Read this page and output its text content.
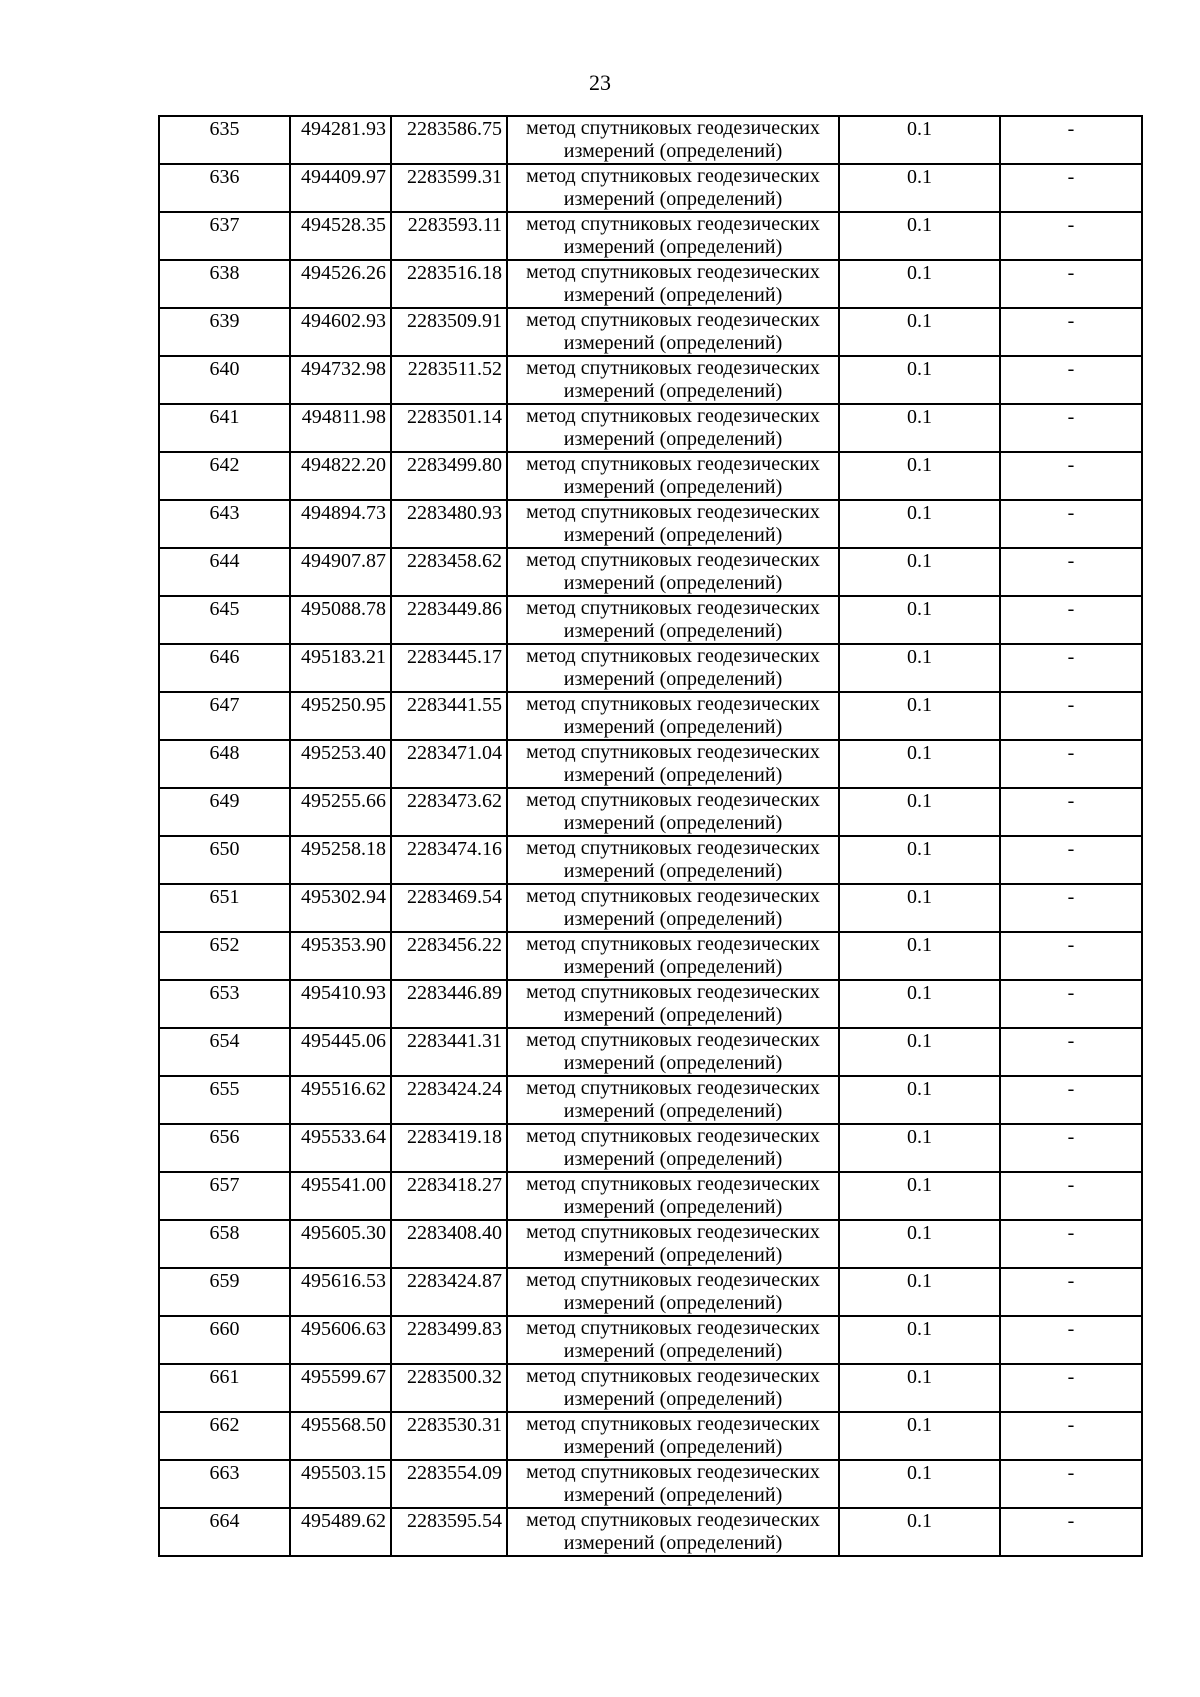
23
635	494281.93	2283586.75	метод спутниковых геодезических
измерений (определений)	0.1	-
636	494409.97	2283599.31	метод спутниковых геодезических
измерений (определений)	0.1	-
637	494528.35	2283593.11	метод спутниковых геодезических
измерений (определений)	0.1	-
638	494526.26	2283516.18	метод спутниковых геодезических
измерений (определений)	0.1	-
639	494602.93	2283509.91	метод спутниковых геодезических
измерений (определений)	0.1	-
640	494732.98	2283511.52	метод спутниковых геодезических
измерений (определений)	0.1	-
641	494811.98	2283501.14	метод спутниковых геодезических
измерений (определений)	0.1	-
642	494822.20	2283499.80	метод спутниковых геодезических
измерений (определений)	0.1	-
643	494894.73	2283480.93	метод спутниковых геодезических
измерений (определений)	0.1	-
644	494907.87	2283458.62	метод спутниковых геодезических
измерений (определений)	0.1	-
645	495088.78	2283449.86	метод спутниковых геодезических
измерений (определений)	0.1	-
646	495183.21	2283445.17	метод спутниковых геодезических
измерений (определений)	0.1	-
647	495250.95	2283441.55	метод спутниковых геодезических
измерений (определений)	0.1	-
648	495253.40	2283471.04	метод спутниковых геодезических
измерений (определений)	0.1	-
649	495255.66	2283473.62	метод спутниковых геодезических
измерений (определений)	0.1	-
650	495258.18	2283474.16	метод спутниковых геодезических
измерений (определений)	0.1	-
651	495302.94	2283469.54	метод спутниковых геодезических
измерений (определений)	0.1	-
652	495353.90	2283456.22	метод спутниковых геодезических
измерений (определений)	0.1	-
653	495410.93	2283446.89	метод спутниковых геодезических
измерений (определений)	0.1	-
654	495445.06	2283441.31	метод спутниковых геодезических
измерений (определений)	0.1	-
655	495516.62	2283424.24	метод спутниковых геодезических
измерений (определений)	0.1	-
656	495533.64	2283419.18	метод спутниковых геодезических
измерений (определений)	0.1	-
657	495541.00	2283418.27	метод спутниковых геодезических
измерений (определений)	0.1	-
658	495605.30	2283408.40	метод спутниковых геодезических
измерений (определений)	0.1	-
659	495616.53	2283424.87	метод спутниковых геодезических
измерений (определений)	0.1	-
660	495606.63	2283499.83	метод спутниковых геодезических
измерений (определений)	0.1	-
661	495599.67	2283500.32	метод спутниковых геодезических
измерений (определений)	0.1	-
662	495568.50	2283530.31	метод спутниковых геодезических
измерений (определений)	0.1	-
663	495503.15	2283554.09	метод спутниковых геодезических
измерений (определений)	0.1	-
664	495489.62	2283595.54	метод спутниковых геодезических
измерений (определений)	0.1	-
